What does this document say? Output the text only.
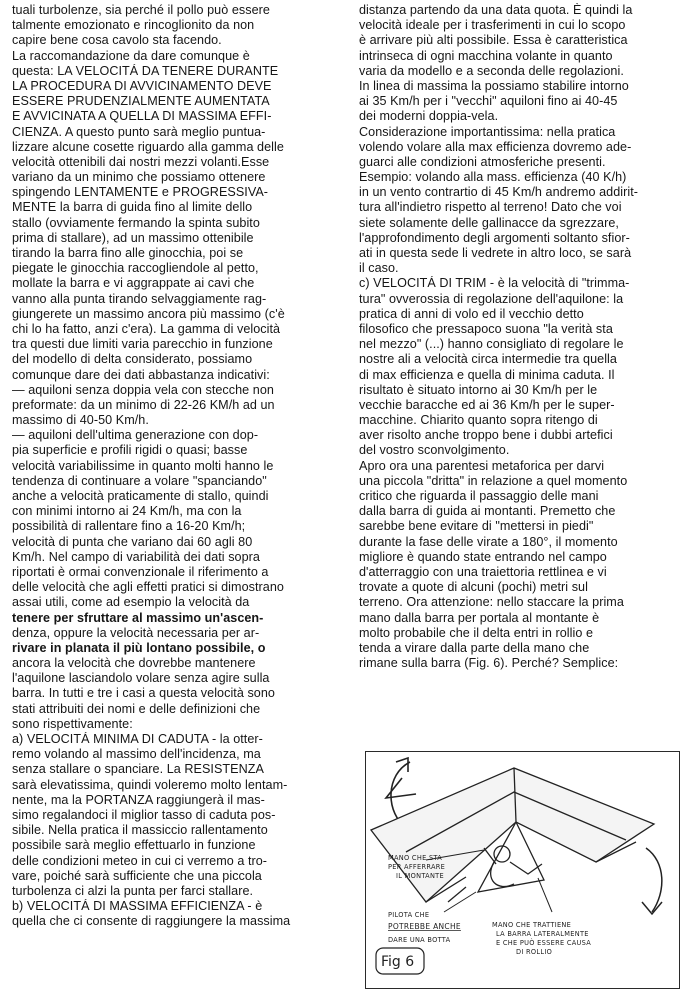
tuali turbolenze, sia perché il pollo può essere
talmente emozionato e rincoglionito da non
capire bene cosa cavolo sta facendo.
La raccomandazione da dare comunque è
questa: LA VELOCITÁ DA TENERE DURANTE
LA PROCEDURA DI AVVICINAMENTO DEVE
ESSERE PRUDENZIALMENTE AUMENTATA
E AVVICINATA A QUELLA DI MASSIMA EFFI-
CIENZA. A questo punto sarà meglio puntua-
lizzare alcune cosette riguardo alla gamma delle
velocità ottenibili dai nostri mezzi volanti.Esse
variano da un minimo che possiamo ottenere
spingendo LENTAMENTE e PROGRESSIVA-
MENTE la barra di guida fino al limite dello
stallo (ovviamente fermando la spinta subito
prima di stallare), ad un massimo ottenibile
tirando la barra fino alle ginocchia, poi se
piegate le ginocchia raccogliendole al petto,
mollate la barra e vi aggrappate ai cavi che
vanno alla punta tirando selvaggiamente rag-
giungerete un massimo ancora più massimo (c'è
chi lo ha fatto, anzi c'era). La gamma di velocità
tra questi due limiti varia parecchio in funzione
del modello di delta considerato, possiamo
comunque dare dei dati abbastanza indicativi:
— aquiloni senza doppia vela con stecche non
preformate: da un minimo di 22-26 KM/h ad un
massimo di 40-50 Km/h.
— aquiloni dell'ultima generazione con dop-
pia superficie e profili rigidi o quasi; basse
velocità variabilissime in quanto molti hanno le
tendenza di continuare a volare "spanciando"
anche a velocità praticamente di stallo, quindi
con minimi intorno ai 24 Km/h, ma con la
possibilità di rallentare fino a 16-20 Km/h;
velocità di punta che variano dai 60 agli 80
Km/h. Nel campo di variabilità dei dati sopra
riportati è ormai convenzionale il riferimento a
delle velocità che agli effetti pratici si dimostrano
assai utili, come ad esempio la velocità da
tenere per sfruttare al massimo un'ascen-
denza, oppure la velocità necessaria per ar-
rivare in planata il più lontano possibile, o
ancora la velocità che dovrebbe mantenere
l'aquilone lasciandolo volare senza agire sulla
barra. In tutti e tre i casi a questa velocità sono
stati attribuiti dei nomi e delle definizioni che
sono rispettivamente:
a) VELOCITÁ MINIMA DI CADUTA - la otter-
remo volando al massimo dell'incidenza, ma
senza stallare o spanciare. La RESISTENZA
sarà elevatissima, quindi voleremo molto lentam-
nente, ma la PORTANZA raggiungerà il mas-
simo regalandoci il miglior tasso di caduta pos-
sibile. Nella pratica il massiccio rallentamento
possibile sarà meglio effettuarlo in funzione
delle condizioni meteo in cui ci verremo a tro-
vare, poiché sarà sufficiente che una piccola
turbolenza ci alzi la punta per farci stallare.
b) VELOCITÁ DI MASSIMA EFFICIENZA - è
quella che ci consente di raggiungere la massima
distanza partendo da una data quota. È quindi la
velocità ideale per i trasferimenti in cui lo scopo
è arrivare più alti possibile. Essa è caratteristica
intrinseca di ogni macchina volante in quanto
varia da modello e a seconda delle regolazioni.
In linea di massima la possiamo stabilire intorno
ai 35 Km/h per i "vecchi" aquiloni fino ai 40-45
dei moderni doppia-vela.
Considerazione importantissima: nella pratica
volendo volare alla max efficienza dovremo ade-
guarci alle condizioni atmosferiche presenti.
Esempio: volando alla mass. efficienza (40 K/h)
in un vento contrartio di 45 Km/h andremo addirit-
tura all'indietro rispetto al terreno! Dato che voi
siete solamente delle gallinacce da sgrezzare,
l'approfondimento degli argomenti soltanto sfior-
ati in questa sede li vedrete in altro loco, se sarà
il caso.
c) VELOCITÁ DI TRIM - è la velocità di "trimma-
tura" ovverossia di regolazione dell'aquilone: la
pratica di anni di volo ed il vecchio detto
filosofico che pressapoco suona "la verità sta
nel mezzo" (...) hanno consigliato di regolare le
nostre ali a velocità circa intermedie tra quella
di max efficienza e quella di minima caduta. Il
risultato è situato intorno ai 30 Km/h per le
vecchie baracche ed ai 36 Km/h per le super-
macchine. Chiarito quanto sopra ritengo di
aver risolto anche troppo bene i dubbi artefici
del vostro sconvolgimento.
Apro ora una parentesi metaforica per darvi
una piccola "dritta" in relazione a quel momento
critico che riguarda il passaggio delle mani
dalla barra di guida ai montanti. Premetto che
sarebbe bene evitare di "mettersi in piedi"
durante la fase delle virate a 180°, il momento
migliore è quando state entrando nel campo
d'atterraggio con una traiettoria rettlinea e vi
trovate a quote di alcuni (pochi) metri sul
terreno. Ora attenzione: nello staccare la prima
mano dalla barra per portala al montante è
molto probabile che il delta entri in rollio e
tenda a virare dalla parte della mano che
rimane sulla barra (Fig. 6). Perché? Semplice:
MANO CHE STA
PER AFFERRARE
IL MONTANTE
PILOTA CHE
POTREBBE ANCHE
DARE UNA BOTTA
MANO CHE TRATTIENE
LA BARRA LATERALMENTE
E CHE PUÒ ESSERE CAUSA
DI ROLLIO
Fig 6
